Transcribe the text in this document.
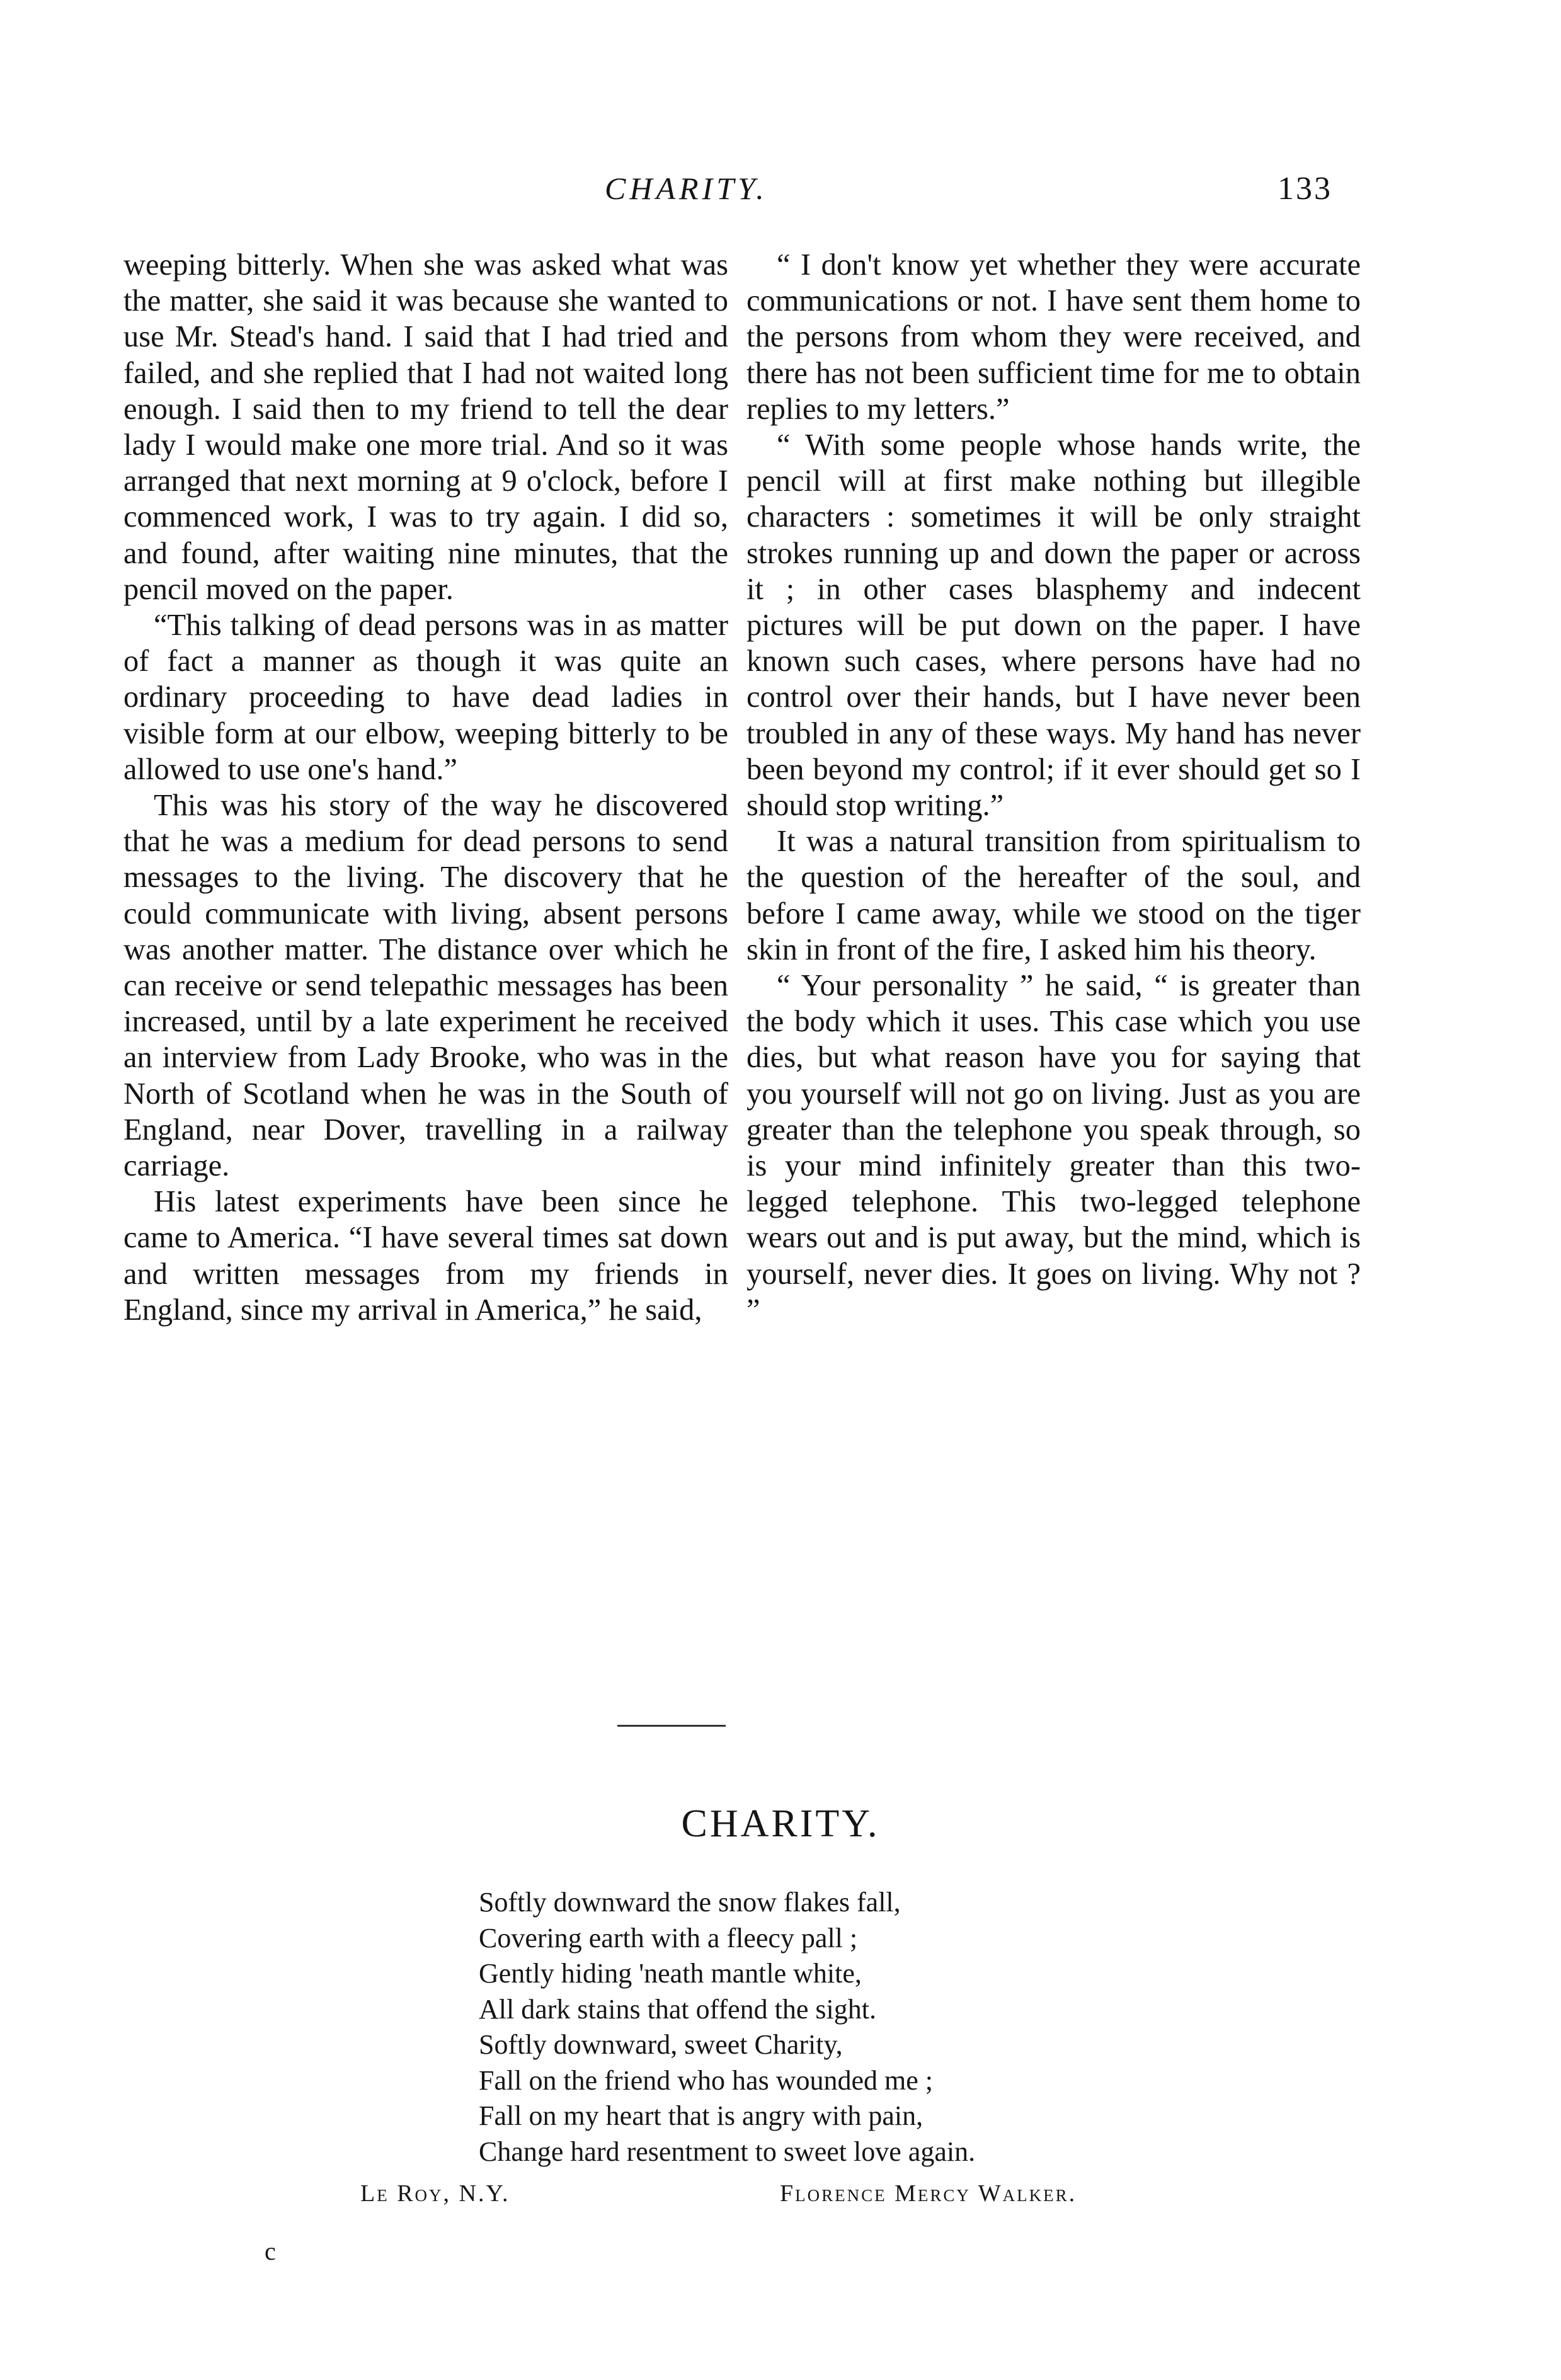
CHARITY.	133

weeping bitterly. When she was asked what was the matter, she said it was because she wanted to use Mr. Stead's hand. I said that I had tried and failed, and she replied that I had not waited long enough. I said then to my friend to tell the dear lady I would make one more trial. And so it was arranged that next morning at 9 o'clock, before I commenced work, I was to try again. I did so, and found, after waiting nine minutes, that the pencil moved on the paper.

“This talking of dead persons was in as matter of fact a manner as though it was quite an ordinary proceeding to have dead ladies in visible form at our elbow, weeping bitterly to be allowed to use one's hand.”

This was his story of the way he discovered that he was a medium for dead persons to send messages to the living. The discovery that he could communicate with living, absent persons was another matter. The distance over which he can receive or send telepathic messages has been increased, until by a late experiment he received an interview from Lady Brooke, who was in the North of Scotland when he was in the South of England, near Dover, travelling in a railway carriage.

His latest experiments have been since he came to America. “I have several times sat down and written messages from my friends in England, since my arrival in America,” he said,

“ I don't know yet whether they were accurate communications or not. I have sent them home to the persons from whom they were received, and there has not been sufficient time for me to obtain replies to my letters.”

“ With some people whose hands write, the pencil will at first make nothing but illegible characters : sometimes it will be only straight strokes running up and down the paper or across it ; in other cases blasphemy and indecent pictures will be put down on the paper. I have known such cases, where persons have had no control over their hands, but I have never been troubled in any of these ways. My hand has never been beyond my control; if it ever should get so I should stop writing.”

It was a natural transition from spiritualism to the question of the hereafter of the soul, and before I came away, while we stood on the tiger skin in front of the fire, I asked him his theory.

“ Your personality ” he said, “ is greater than the body which it uses. This case which you use dies, but what reason have you for saying that you yourself will not go on living. Just as you are greater than the telephone you speak through, so is your mind infinitely greater than this two-legged telephone. This two-legged telephone wears out and is put away, but the mind, which is yourself, never dies. It goes on living. Why not ? ”

CHARITY.
Softly downward the snow flakes fall,
Covering earth with a fleecy pall ;
Gently hiding 'neath mantle white,
All dark stains that offend the sight.
Softly downward, sweet Charity,
Fall on the friend who has wounded me ;
Fall on my heart that is angry with pain,
Change hard resentment to sweet love again.
Le Roy, N.Y.	Florence Mercy Walker.
c
